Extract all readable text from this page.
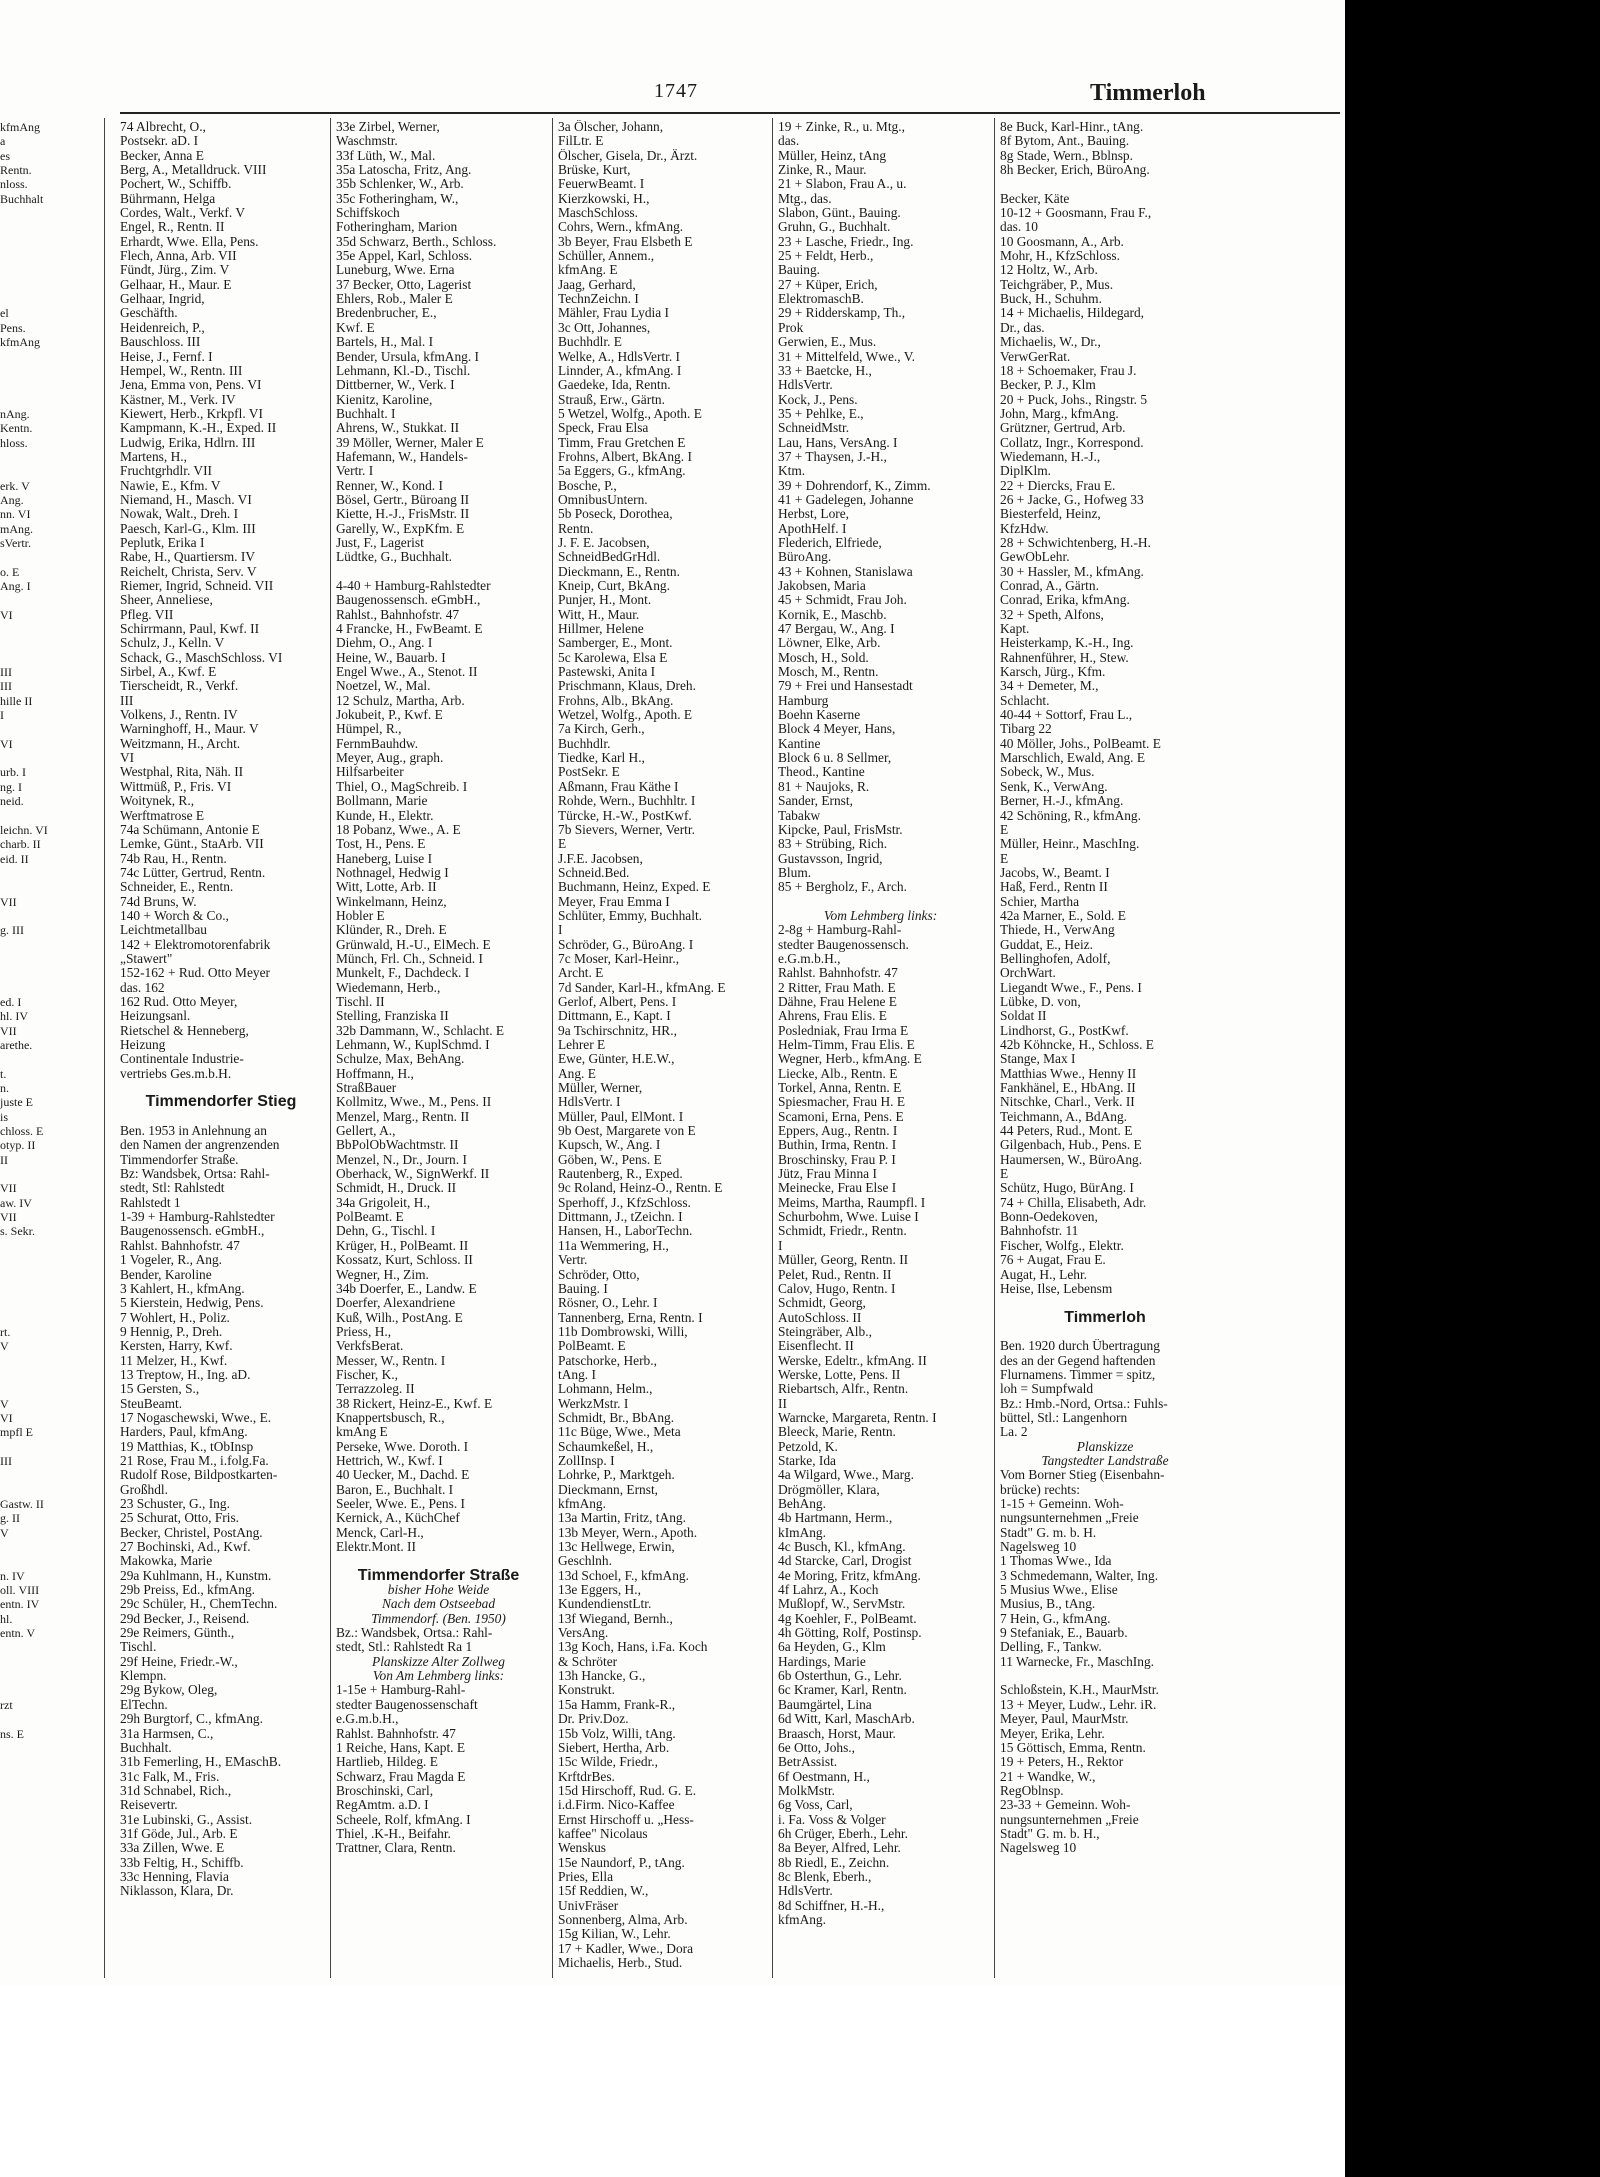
1747	Timmerloh
kfmAng
a
es
Rentn.
nloss.
Buchhalt
el
Pens.
kfmAng
nAng.
Kentn.
hloss.
erk. V
Ang.
nn. VI
mAng.
sVertr.
o. E
Ang. I
VI
III
III
hille II
I
VI
urb. I
ng. I
neid.
leichn. VI
charb. II
eid. II
VII
g. III
ed. I
hl. IV
VII
arethe.
t.
n.
juste E
is
chloss. E
otyp. II
II
VII
aw. IV
VII
s. Sekr.
rt.
V
V
VI
mpfl E
III
Gastw. II
g. II
V
n. IV
oll. VIII
entn. IV
hl.
entn. V
rzt
ns. E
74 Albrecht, O.,
Postsekr. aD. I
Becker, Anna E
Berg, A., Metalldruck. VIII
Pochert, W., Schiffb.
Bührmann, Helga
Cordes, Walt., Verkf. V
Engel, R., Rentn. II
Erhardt, Wwe. Ella, Pens.
Flech, Anna, Arb. VII
Fündt, Jürg., Zim. V
Gelhaar, H., Maur. E
Gelhaar, Ingrid,
Geschäfth.
Heidenreich, P.,
Bauschloss. III
Heise, J., Fernf. I
Hempel, W., Rentn. III
Jena, Emma von, Pens. VI
Kästner, M., Verk. IV
Kiewert, Herb., Krkpfl. VI
Kampmann, K.-H., Exped. II
Ludwig, Erika, Hdlrn. III
Martens, H.,
Fruchtgrhdlr. VII
Nawie, E., Kfm. V
Niemand, H., Masch. VI
Nowak, Walt., Dreh. I
Paesch, Karl-G., Klm. III
Peplutk, Erika I
Rabe, H., Quartiersm. IV
Reichelt, Christa, Serv. V
Riemer, Ingrid, Schneid. VII
Sheer, Anneliese,
Pfleg. VII
Schirrmann, Paul, Kwf. II
Schulz, J., Kelln. V
Schack, G., MaschSchloss. VI
Sirbel, A., Kwf. E
Tierscheidt, R., Verkf.
III
Volkens, J., Rentn. IV
Warninghoff, H., Maur. V
Weitzmann, H., Archt.
VI
Westphal, Rita, Näh. II
Wittmüß, P., Fris. VI
Woitynek, R.,
Werftmatrose E
74a Schümann, Antonie E
Lemke, Günt., StaArb. VII
74b Rau, H., Rentn.
74c Lütter, Gertrud, Rentn.
Schneider, E., Rentn.
74d Bruns, W.
140 + Worch & Co.,
Leichtmetallbau
142 + Elektromotorenfabrik
„Stawert"
152-162 + Rud. Otto Meyer
das. 162
162 Rud. Otto Meyer,
Heizungsanl.
Rietschel & Henneberg,
Heizung
Continentale Industrie-
vertriebs Ges.m.b.H.
Timmendorfer Stieg
Ben. 1953 in Anlehnung an
den Namen der angrenzenden
Timmendorfer Straße.
Bz: Wandsbek, Ortsa: Rahl-
stedt, Stl: Rahlstedt
Rahlstedt 1
1-39 + Hamburg-Rahlstedter
Baugenossensch. eGmbH.,
Rahlst. Bahnhofstr. 47
1 Vogeler, R., Ang.
Bender, Karoline
3 Kahlert, H., kfmAng.
5 Kierstein, Hedwig, Pens.
7 Wohlert, H., Poliz.
9 Hennig, P., Dreh.
Kersten, Harry, Kwf.
11 Melzer, H., Kwf.
13 Treptow, H., Ing. aD.
15 Gersten, S.,
SteuBeamt.
17 Nogaschewski, Wwe., E.
Harders, Paul, kfmAng.
19 Matthias, K., tObInsp
21 Rose, Frau M., i.folg.Fa.
Rudolf Rose, Bildpostkarten-
Großhdl.
23 Schuster, G., Ing.
25 Schurat, Otto, Fris.
Becker, Christel, PostAng.
27 Bochinski, Ad., Kwf.
Makowka, Marie
29a Kuhlmann, H., Kunstm.
29b Preiss, Ed., kfmAng.
29c Schüler, H., ChemTechn.
29d Becker, J., Reisend.
29e Reimers, Günth.,
Tischl.
29f Heine, Friedr.-W.,
Klempn.
29g Bykow, Oleg,
ElTechn.
29h Burgtorf, C., kfmAng.
31a Harmsen, C.,
Buchhalt.
31b Femerling, H., EMaschB.
31c Falk, M., Fris.
31d Schnabel, Rich.,
Reisevertr.
31e Lubinski, G., Assist.
31f Göde, Jul., Arb. E
33a Zillen, Wwe. E
33b Feltig, H., Schiffb.
33c Henning, Flavia
Niklasson, Klara, Dr.
33e Zirbel, Werner,
Waschmstr.
33f Lüth, W., Mal.
35a Latoscha, Fritz, Ang.
35b Schlenker, W., Arb.
35c Fotheringham, W.,
Schiffskoch
Fotheringham, Marion
35d Schwarz, Berth., Schloss.
35e Appel, Karl, Schloss.
Luneburg, Wwe. Erna
37 Becker, Otto, Lagerist
Ehlers, Rob., Maler E
Bredenbrucher, E.,
Kwf. E
Bartels, H., Mal. I
Bender, Ursula, kfmAng. I
Lehmann, Kl.-D., Tischl.
Dittberner, W., Verk. I
Kienitz, Karoline,
Buchhalt. I
Ahrens, W., Stukkat. II
39 Möller, Werner, Maler E
Hafemann, W., Handels-
Vertr. I
Renner, W., Kond. I
Bösel, Gertr., Büroang II
Kiette, H.-J., FrisMstr. II
Garelly, W., ExpKfm. E
Just, F., Lagerist
Lüdtke, G., Buchhalt.
4-40 + Hamburg-Rahlstedter
Baugenossensch. eGmbH.,
Rahlst., Bahnhofstr. 47
4 Francke, H., FwBeamt. E
Diehm, O., Ang. I
Heine, W., Bauarb. I
Engel Wwe., A., Stenot. II
Noetzel, W., Mal.
12 Schulz, Martha, Arb.
Jokubeit, P., Kwf. E
Hümpel, R.,
FernmBauhdw.
Meyer, Aug., graph.
Hilfsarbeiter
Thiel, O., MagSchreib. I
Bollmann, Marie
Kunde, H., Elektr.
18 Pobanz, Wwe., A. E
Tost, H., Pens. E
Haneberg, Luise I
Nothnagel, Hedwig I
Witt, Lotte, Arb. II
Winkelmann, Heinz,
Hobler E
Klünder, R., Dreh. E
Grünwald, H.-U., ElMech. E
Münch, Frl. Ch., Schneid. I
Munkelt, F., Dachdeck. I
Wiedemann, Herb.,
Tischl. II
Stelling, Franziska II
32b Dammann, W., Schlacht. E
Lehmann, W., KuplSchmd. I
Schulze, Max, BehAng.
Hoffmann, H.,
StraßBauer
Kollmitz, Wwe., M., Pens. II
Menzel, Marg., Rentn. II
Gellert, A.,
BbPolObWachtmstr. II
Menzel, N., Dr., Journ. I
Oberhack, W., SignWerkf. II
Schmidt, H., Druck. II
34a Grigoleit, H.,
PolBeamt. E
Dehn, G., Tischl. I
Krüger, H., PolBeamt. II
Kossatz, Kurt, Schloss. II
Wegner, H., Zim.
34b Doerfer, E., Landw. E
Doerfer, Alexandriene
Kuß, Wilh., PostAng. E
Priess, H.,
VerkfsBerat.
Messer, W., Rentn. I
Fischer, K.,
Terrazzoleg. II
38 Rickert, Heinz-E., Kwf. E
Knappertsbusch, R.,
kmAng E
Perseke, Wwe. Doroth. I
Hettrich, W., Kwf. I
40 Uecker, M., Dachd. E
Baron, E., Buchhalt. I
Seeler, Wwe. E., Pens. I
Kernick, A., KüchChef
Menck, Carl-H.,
Elektr.Mont. II
Timmendorfer Straße
bisher Hohe Weide
Nach dem Ostseebad
Timmendorf. (Ben. 1950)
Bz.: Wandsbek, Ortsa.: Rahl-
stedt, Stl.: Rahlstedt Ra 1
Planskizze Alter Zollweg
Von Am Lehmberg links:
1-15e + Hamburg-Rahl-
stedter Baugenossenschaft
e.G.m.b.H.,
Rahlst. Bahnhofstr. 47
1 Reiche, Hans, Kapt. E
Hartlieb, Hildeg. E
Schwarz, Frau Magda E
Broschinski, Carl,
RegAmtm. a.D. I
Scheele, Rolf, kfmAng. I
Thiel, .K-H., Beifahr.
Trattner, Clara, Rentn.
3a Ölscher, Johann,
FilLtr. E
Ölscher, Gisela, Dr., Ärzt.
Brüske, Kurt,
FeuerwBeamt. I
Kierzkowski, H.,
MaschSchloss.
Cohrs, Wern., kfmAng.
3b Beyer, Frau Elsbeth E
Schüller, Annem.,
kfmAng. E
Jaag, Gerhard,
TechnZeichn. I
Mähler, Frau Lydia I
3c Ott, Johannes,
Buchhdlr. E
Welke, A., HdlsVertr. I
Linnder, A., kfmAng. I
Gaedeke, Ida, Rentn.
Strauß, Erw., Gärtn.
5 Wetzel, Wolfg., Apoth. E
Speck, Frau Elsa
Timm, Frau Gretchen E
Frohns, Albert, BkAng. I
5a Eggers, G., kfmAng.
Bosche, P.,
OmnibusUntern.
5b Poseck, Dorothea,
Rentn.
J. F. E. Jacobsen,
SchneidBedGrHdl.
Dieckmann, E., Rentn.
Kneip, Curt, BkAng.
Punjer, H., Mont.
Witt, H., Maur.
Hillmer, Helene
Samberger, E., Mont.
5c Karolewa, Elsa E
Pastewski, Anita I
Prischmann, Klaus, Dreh.
Frohns, Alb., BkAng.
Wetzel, Wolfg., Apoth. E
7a Kirch, Gerh.,
Buchhdlr.
Tiedke, Karl H.,
PostSekr. E
Aßmann, Frau Käthe I
Rohde, Wern., Buchhltr. I
Türcke, H.-W., PostKwf.
7b Sievers, Werner, Vertr.
E
J.F.E. Jacobsen,
Schneid.Bed.
Buchmann, Heinz, Exped. E
Meyer, Frau Emma I
Schlüter, Emmy, Buchhalt.
I
Schröder, G., BüroAng. I
7c Moser, Karl-Heinr.,
Archt. E
7d Sander, Karl-H., kfmAng. E
Gerlof, Albert, Pens. I
Dittmann, E., Kapt. I
9a Tschirschnitz, HR.,
Lehrer E
Ewe, Günter, H.E.W.,
Ang. E
Müller, Werner,
HdlsVertr. I
Müller, Paul, ElMont. I
9b Oest, Margarete von E
Kupsch, W., Ang. I
Göben, W., Pens. E
Rautenberg, R., Exped.
9c Roland, Heinz-O., Rentn. E
Sperhoff, J., KfzSchloss.
Dittmann, J., tZeichn. I
Hansen, H., LaborTechn.
11a Wemmering, H.,
Vertr.
Schröder, Otto,
Bauing. I
Rösner, O., Lehr. I
Tannenberg, Erna, Rentn. I
11b Dombrowski, Willi,
PolBeamt. E
Patschorke, Herb.,
tAng. I
Lohmann, Helm.,
WerkzMstr. I
Schmidt, Br., BbAng.
11c Büge, Wwe., Meta
Schaumkeßel, H.,
ZollInsp. I
Lohrke, P., Marktgeh.
Dieckmann, Ernst,
kfmAng.
13a Martin, Fritz, tAng.
13b Meyer, Wern., Apoth.
13c Hellwege, Erwin,
Geschlnh.
13d Schoel, F., kfmAng.
13e Eggers, H.,
KundendienstLtr.
13f Wiegand, Bernh.,
VersAng.
13g Koch, Hans, i.Fa. Koch
& Schröter
13h Hancke, G.,
Konstrukt.
15a Hamm, Frank-R.,
Dr. Priv.Doz.
15b Volz, Willi, tAng.
Siebert, Hertha, Arb.
15c Wilde, Friedr.,
KrftdrBes.
15d Hirschoff, Rud. G. E.
i.d.Firm. Nico-Kaffee
Ernst Hirschoff u. „Hess-
kaffee" Nicolaus
Wenskus
15e Naundorf, P., tAng.
Pries, Ella
15f Reddien, W.,
UnivFräser
Sonnenberg, Alma, Arb.
15g Kilian, W., Lehr.
17 + Kadler, Wwe., Dora
Michaelis, Herb., Stud.
19 + Zinke, R., u. Mtg.,
das.
Müller, Heinz, tAng
Zinke, R., Maur.
21 + Slabon, Frau A., u.
Mtg., das.
Slabon, Günt., Bauing.
Gruhn, G., Buchhalt.
23 + Lasche, Friedr., Ing.
25 + Feldt, Herb.,
Bauing.
27 + Küper, Erich,
ElektromaschB.
29 + Ridderskamp, Th.,
Prok
Gerwien, E., Mus.
31 + Mittelfeld, Wwe., V.
33 + Baetcke, H.,
HdlsVertr.
Kock, J., Pens.
35 + Pehlke, E.,
SchneidMstr.
Lau, Hans, VersAng. I
37 + Thaysen, J.-H.,
Ktm.
39 + Dohrendorf, K., Zimm.
41 + Gadelegen, Johanne
Herbst, Lore,
ApothHelf. I
Flederich, Elfriede,
BüroAng.
43 + Kohnen, Stanislawa
Jakobsen, Maria
45 + Schmidt, Frau Joh.
Kornik, E., Maschb.
47 Bergau, W., Ang. I
Löwner, Elke, Arb.
Mosch, H., Sold.
Mosch, M., Rentn.
79 + Frei und Hansestadt
Hamburg
Boehn Kaserne
Block 4 Meyer, Hans,
Kantine
Block 6 u. 8 Sellmer,
Theod., Kantine
81 + Naujoks, R.
Sander, Ernst,
Tabakw
Kipcke, Paul, FrisMstr.
83 + Strübing, Rich.
Gustavsson, Ingrid,
Blum.
85 + Bergholz, F., Arch.
Vom Lehmberg links:
2-8g + Hamburg-Rahl-
stedter Baugenossensch.
e.G.m.b.H.,
Rahlst. Bahnhofstr. 47
2 Ritter, Frau Math. E
Dähne, Frau Helene E
Ahrens, Frau Elis. E
Posledniak, Frau Irma E
Helm-Timm, Frau Elis. E
Wegner, Herb., kfmAng. E
Liecke, Alb., Rentn. E
Torkel, Anna, Rentn. E
Spiesmacher, Frau H. E
Scamoni, Erna, Pens. E
Eppers, Aug., Rentn. I
Buthin, Irma, Rentn. I
Broschinsky, Frau P. I
Jütz, Frau Minna I
Meinecke, Frau Else I
Meims, Martha, Raumpfl. I
Schurbohm, Wwe. Luise I
Schmidt, Friedr., Rentn.
I
Müller, Georg, Rentn. II
Pelet, Rud., Rentn. II
Calov, Hugo, Rentn. I
Schmidt, Georg,
AutoSchloss. II
Steingräber, Alb.,
Eisenflecht. II
Werske, Edeltr., kfmAng. II
Werske, Lotte, Pens. II
Riebartsch, Alfr., Rentn.
II
Warncke, Margareta, Rentn. I
Bleeck, Marie, Rentn.
Petzold, K.
Starke, Ida
4a Wilgard, Wwe., Marg.
Drögmöller, Klara,
BehAng.
4b Hartmann, Herm.,
kImAng.
4c Busch, Kl., kfmAng.
4d Starcke, Carl, Drogist
4e Moring, Fritz, kfmAng.
4f Lahrz, A., Koch
Mußlopf, W., ServMstr.
4g Koehler, F., PolBeamt.
4h Götting, Rolf, Postinsp.
6a Heyden, G., Klm
Hardings, Marie
6b Osterthun, G., Lehr.
6c Kramer, Karl, Rentn.
Baumgärtel, Lina
6d Witt, Karl, MaschArb.
Braasch, Horst, Maur.
6e Otto, Johs.,
BetrAssist.
6f Oestmann, H.,
MolkMstr.
6g Voss, Carl,
i. Fa. Voss & Volger
6h Crüger, Eberh., Lehr.
8a Beyer, Alfred, Lehr.
8b Riedl, E., Zeichn.
8c Blenk, Eberh.,
HdlsVertr.
8d Schiffner, H.-H.,
kfmAng.
8e Buck, Karl-Hinr., tAng.
8f Bytom, Ant., Bauing.
8g Stade, Wern., Bblnsp.
8h Becker, Erich, BüroAng.
Becker, Käte
10-12 + Goosmann, Frau F.,
das. 10
10 Goosmann, A., Arb.
Mohr, H., KfzSchloss.
12 Holtz, W., Arb.
Teichgräber, P., Mus.
Buck, H., Schuhm.
14 + Michaelis, Hildegard,
Dr., das.
Michaelis, W., Dr.,
VerwGerRat.
18 + Schoemaker, Frau J.
Becker, P. J., Klm
20 + Puck, Johs., Ringstr. 5
John, Marg., kfmAng.
Grützner, Gertrud, Arb.
Collatz, Ingr., Korrespond.
Wiedemann, H.-J.,
DiplKlm.
22 + Diercks, Frau E.
26 + Jacke, G., Hofweg 33
Biesterfeld, Heinz,
KfzHdw.
28 + Schwichtenberg, H.-H.
GewObLehr.
30 + Hassler, M., kfmAng.
Conrad, A., Gärtn.
Conrad, Erika, kfmAng.
32 + Speth, Alfons,
Kapt.
Heisterkamp, K.-H., Ing.
Rahnenführer, H., Stew.
Karsch, Jürg., Kfm.
34 + Demeter, M.,
Schlacht.
40-44 + Sottorf, Frau L.,
Tibarg 22
40 Möller, Johs., PolBeamt. E
Marschlich, Ewald, Ang. E
Sobeck, W., Mus.
Senk, K., VerwAng.
Berner, H.-J., kfmAng.
42 Schöning, R., kfmAng.
E
Müller, Heinr., MaschIng.
E
Jacobs, W., Beamt. I
Haß, Ferd., Rentn II
Schier, Martha
42a Marner, E., Sold. E
Thiede, H., VerwAng
Guddat, E., Heiz.
Bellinghofen, Adolf,
OrchWart.
Liegandt Wwe., F., Pens. I
Lübke, D. von,
Soldat II
Lindhorst, G., PostKwf.
42b Köhncke, H., Schloss. E
Stange, Max I
Matthias Wwe., Henny II
Fankhänel, E., HbAng. II
Nitschke, Charl., Verk. II
Teichmann, A., BdAng.
44 Peters, Rud., Mont. E
Gilgenbach, Hub., Pens. E
Haumersen, W., BüroAng.
E
Schütz, Hugo, BürAng. I
74 + Chilla, Elisabeth, Adr.
Bonn-Oedekoven,
Bahnhofstr. 11
Fischer, Wolfg., Elektr.
76 + Augat, Frau E.
Augat, H., Lehr.
Heise, Ilse, Lebensm
Timmerloh
Ben. 1920 durch Übertragung
des an der Gegend haftenden
Flurnamens. Timmer = spitz,
loh = Sumpfwald
Bz.: Hmb.-Nord, Ortsa.: Fuhls-
büttel, Stl.: Langenhorn
La. 2
Planskizze
Tangstedter Landstraße
Vom Borner Stieg (Eisenbahn-
brücke) rechts:
1-15 + Gemeinn. Woh-
nungsunternehmen „Freie
Stadt" G. m. b. H.
Nagelsweg 10
1 Thomas Wwe., Ida
3 Schmedemann, Walter, Ing.
5 Musius Wwe., Elise
Musius, B., tAng.
7 Hein, G., kfmAng.
9 Stefaniak, E., Bauarb.
Delling, F., Tankw.
11 Warnecke, Fr., MaschIng.
Schloßstein, K.H., MaurMstr.
13 + Meyer, Ludw., Lehr. iR.
Meyer, Paul, MaurMstr.
Meyer, Erika, Lehr.
15 Göttisch, Emma, Rentn.
19 + Peters, H., Rektor
21 + Wandke, W.,
RegOblnsp.
23-33 + Gemeinn. Woh-
nungsunternehmen „Freie
Stadt" G. m. b. H.,
Nagelsweg 10
